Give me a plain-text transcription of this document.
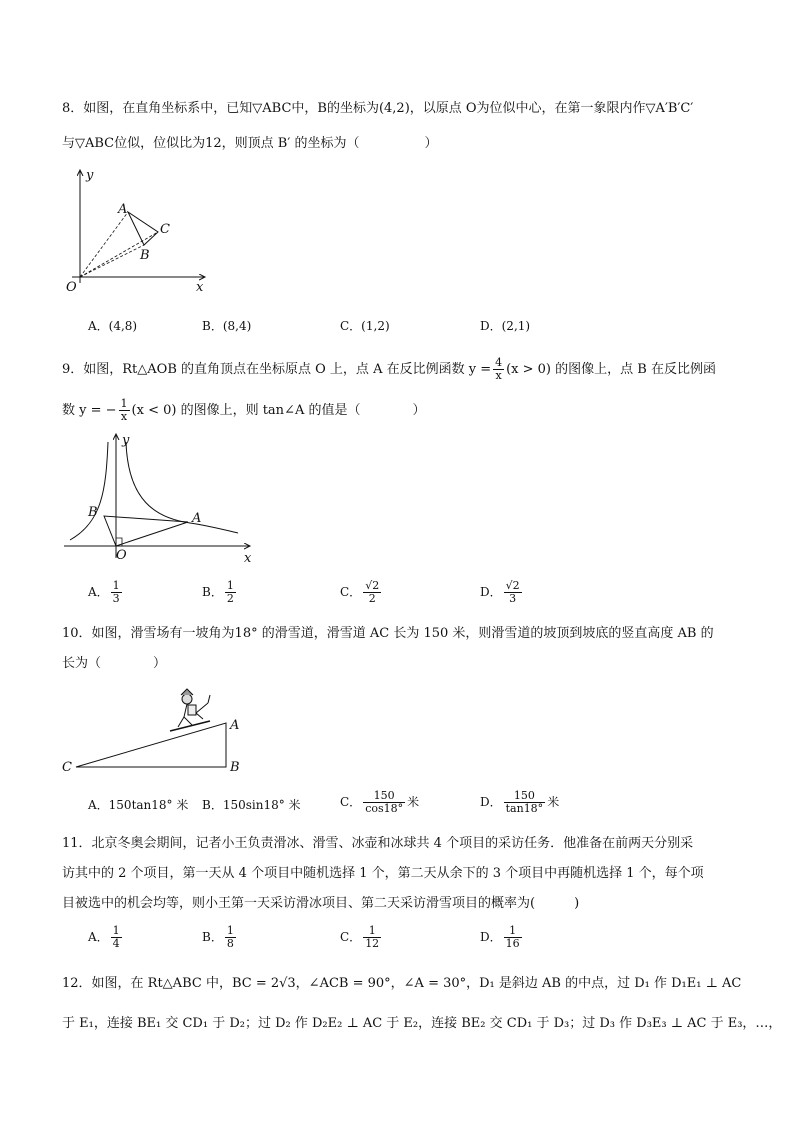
8．如图，在直角坐标系中，已知▽ABC中，B的坐标为(4,2)，以原点 O为位似中心，在第一象限内作▽A′B′C′
与▽ABC位似，位似比为12，则顶点 B′ 的坐标为（　　　　　）
y
x
O
A
B
C
A．(4,8)	B．(8,4)	C．(1,2)	D．(2,1)
9．如图，Rt△AOB 的直角顶点在坐标原点 O 上，点 A 在反比例函数 $y = \frac{4}{x} (x > 0)$ 的图像上，点 B 在反比例函
数 y = − $\frac{1}{x} (x < 0)$ 的图像上，则 tan∠A 的值是（　　　　）
y
x
O
A
B
A． $\frac{1}{3}$	B． $\frac{1}{2}$	C． $\frac{√2}{2}$	D． $\frac{√2}{3}$
10．如图，滑雪场有一坡角为18° 的滑雪道，滑雪道 AC 长为 150 米，则滑雪道的坡顶到坡底的竖直高度 AB 的
长为（　　　　）
A
B
C
A．150tan18° 米 B．150sin18° 米	C． $\frac{150}{\cos 18^\circ}$ 米	D． $\frac{150}{\tan 18^\circ}$ 米
11．北京冬奥会期间，记者小王负责滑冰、滑雪、冰壶和冰球共 4 个项目的采访任务．他准备在前两天分别采
访其中的 2 个项目，第一天从 4 个项目中随机选择 1 个，第二天从余下的 3 个项目中再随机选择 1 个，每个项
目被选中的机会均等，则小王第一天采访滑冰项目、第二天采访滑雪项目的概率为(　　　)
A． $\frac{1}{4}$	B． $\frac{1}{8}$	C． $\frac{1}{12}$	D． $\frac{1}{16}$
12．如图，在 Rt△ABC 中，BC = 2√3，∠ACB = 90°，∠A = 30°，D₁ 是斜边 AB 的中点，过 D₁ 作 D₁E₁ ⊥ AC
于 E₁，连接 BE₁ 交 CD₁ 于 D₂；过 D₂ 作 D₂E₂ ⊥ AC 于 E₂，连接 BE₂ 交 CD₁ 于 D₃；过 D₃ 作 D₃E₃ ⊥ AC 于 E₃，…，
